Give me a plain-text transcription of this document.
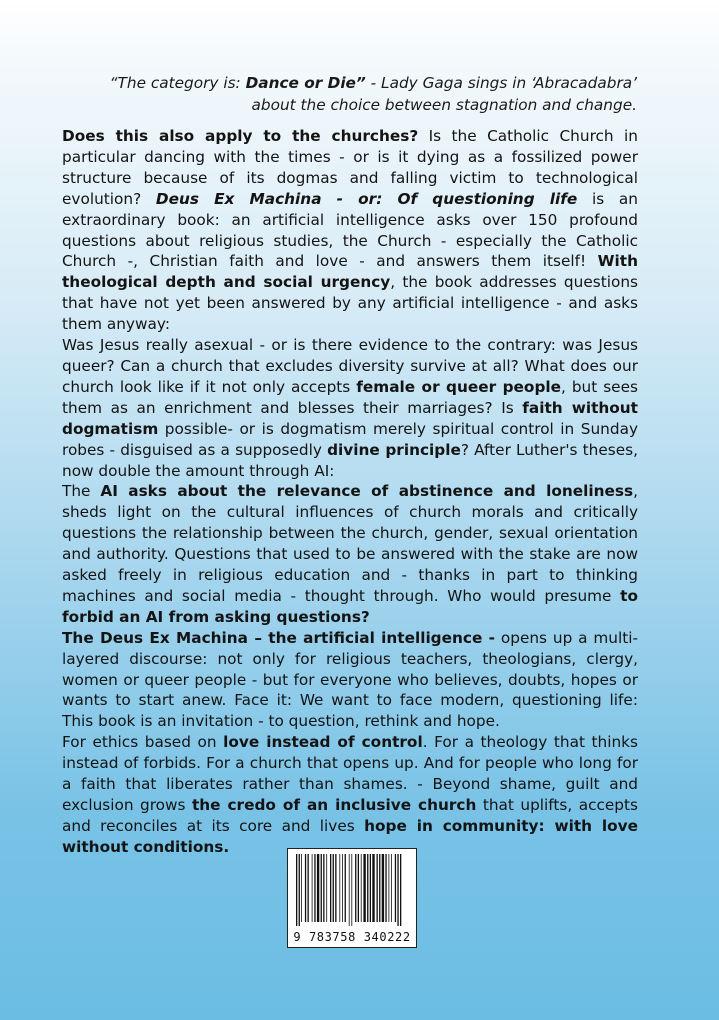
“The category is: Dance or Die” - Lady Gaga sings in ‘Abracadabra’
about the choice between stagnation and change.

Does this also apply to the churches? Is the Catholic Church in particular dancing with the times - or is it dying as a fossilized power structure because of its dogmas and falling victim to technological evolution? Deus Ex Machina - or: Of questioning life is an extraordinary book: an artificial intelligence asks over 150 profound questions about religious studies, the Church - especially the Catholic Church -, Christian faith and love - and answers them itself! With theological depth and social urgency, the book addresses questions that have not yet been answered by any artificial intelligence - and asks them anyway:

Was Jesus really asexual - or is there evidence to the contrary: was Jesus queer? Can a church that excludes diversity survive at all? What does our church look like if it not only accepts female or queer people, but sees them as an enrichment and blesses their marriages? Is faith without dogmatism possible- or is dogmatism merely spiritual control in Sunday robes - disguised as a supposedly divine principle? After Luther's theses, now double the amount through AI:

The AI asks about the relevance of abstinence and loneliness, sheds light on the cultural influences of church morals and critically questions the relationship between the church, gender, sexual orientation and authority. Questions that used to be answered with the stake are now asked freely in religious education and - thanks in part to thinking machines and social media - thought through. Who would presume to forbid an AI from asking questions?

The Deus Ex Machina – the artificial intelligence - opens up a multi-layered discourse: not only for religious teachers, theologians, clergy, women or queer people - but for everyone who believes, doubts, hopes or wants to start anew. Face it: We want to face modern, questioning life: This book is an invitation - to question, rethink and hope.

For ethics based on love instead of control. For a theology that thinks instead of forbids. For a church that opens up. And for people who long for a faith that liberates rather than shames. - Beyond shame, guilt and exclusion grows the credo of an inclusive church that uplifts, accepts and reconciles at its core and lives hope in community: with love without conditions.

9 783758 340222
